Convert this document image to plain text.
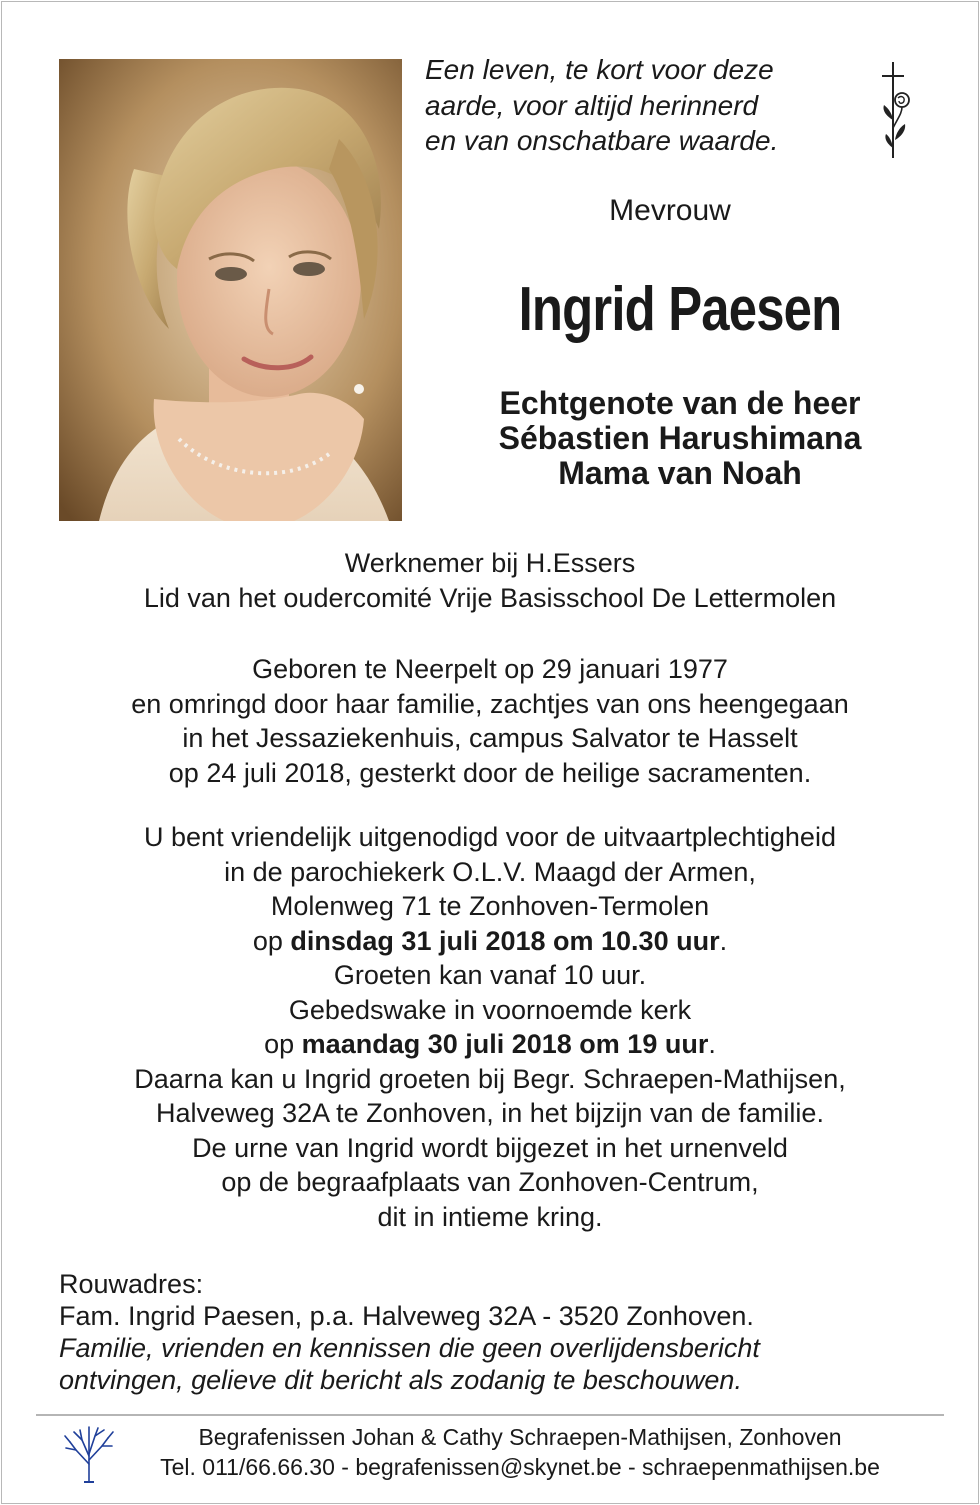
Een leven, te kort voor deze
aarde, voor altijd herinnerd
en van onschatbare waarde.
Mevrouw
Ingrid Paesen
Echtgenote van de heer
Sébastien Harushimana
Mama van Noah

Werknemer bij H.Essers

Lid van het oudercomité Vrije Basisschool De Lettermolen

Geboren te Neerpelt op 29 januari 1977

en omringd door haar familie, zachtjes van ons heengegaan

in het Jessaziekenhuis, campus Salvator te Hasselt

op 24 juli 2018, gesterkt door de heilige sacramenten.

U bent vriendelijk uitgenodigd voor de uitvaartplechtigheid

in de parochiekerk O.L.V. Maagd der Armen,

Molenweg 71 te Zonhoven-Termolen

op dinsdag 31 juli 2018 om 10.30 uur.

Groeten kan vanaf 10 uur.

Gebedswake in voornoemde kerk

op maandag 30 juli 2018 om 19 uur.

Daarna kan u Ingrid groeten bij Begr. Schraepen-Mathijsen,

Halveweg 32A te Zonhoven, in het bijzijn van de familie.

De urne van Ingrid wordt bijgezet in het urnenveld

op de begraafplaats van Zonhoven-Centrum,

dit in intieme kring.

Rouwadres:

Fam. Ingrid Paesen, p.a. Halveweg 32A - 3520 Zonhoven.

Familie, vrienden en kennissen die geen overlijdensbericht

ontvingen, gelieve dit bericht als zodanig te beschouwen.

Begrafenissen Johan & Cathy Schraepen-Mathijsen, Zonhoven

Tel. 011/66.66.30 - begrafenissen@skynet.be - schraepenmathijsen.be
